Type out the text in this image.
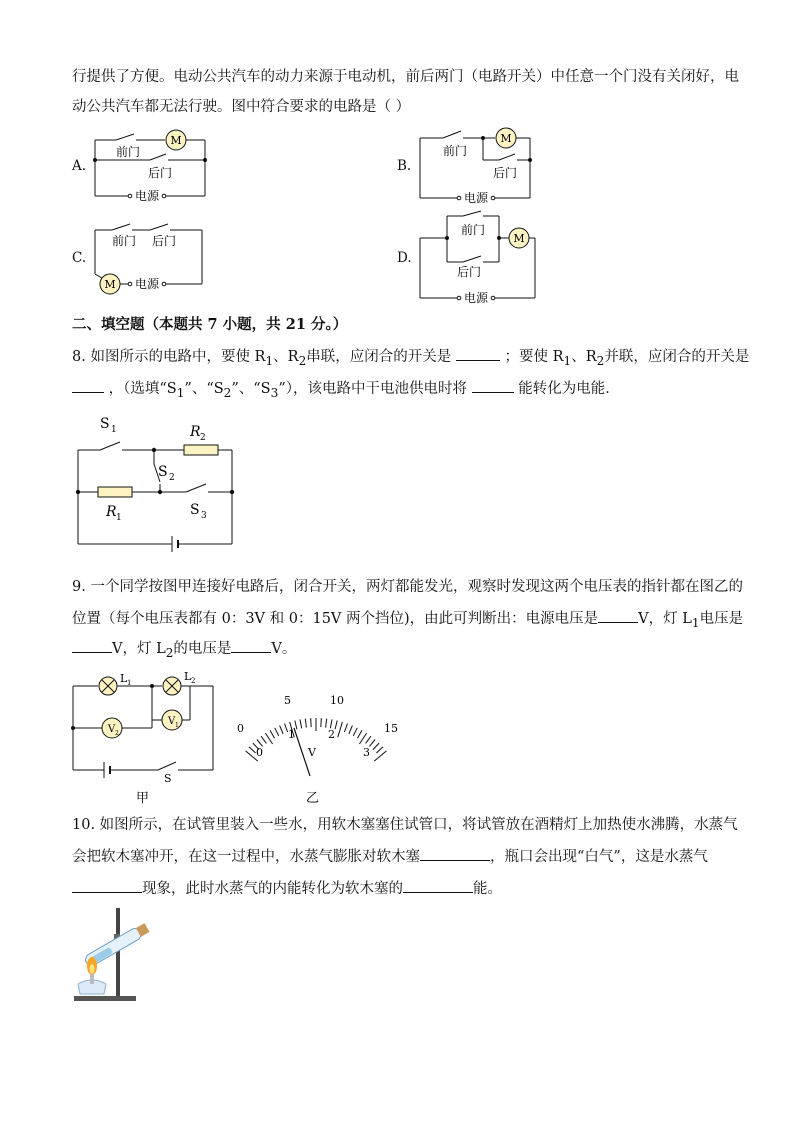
行提供了方便。电动公共汽车的动力来源于电动机，前后两门（电路开关）中任意一个门没有关闭好，电
动公共汽车都无法行驶。图中符合要求的电路是（ ）
A.	B.
C.	D.
M
前门
后门
电源
M
前门
后门
电源
M
前门 后门
电源
M
前门
后门
电源
二、填空题（本题共 7 小题，共 21 分。）
8. 如图所示的电路中，要使 $R_1$、$R_2$串联，应闭合的开关是	；要使 $R_1$、$R_2$并联，应闭合的开关是
，（选填“$S_1$”、“$S_2$”、“$S_3$”），该电路中干电池供电时将	能转化为电能．
S 1	R 2
S 2
R 1	S 3
9. 一个同学按图甲连接好电路后，闭合开关，两灯都能发光，观察时发现这两个电压表的指针都在图乙的
位置（每个电压表都有 0：3V 和 0：15V 两个挡位)，由此可判断出：电源电压是	V，灯 $L_1$电压是
V，灯 $L_2$的电压是	V。
L 1	L 2
V 1
V 2
S
甲
0
5	10
15
0
1	2
3
V
乙
10. 如图所示，在试管里装入一些水，用软木塞塞住试管口，将试管放在酒精灯上加热使水沸腾，水蒸气
会把软木塞冲开，在这一过程中，水蒸气膨胀对软木塞	，瓶口会出现“白气”，这是水蒸气
现象，此时水蒸气的内能转化为软木塞的	能。
